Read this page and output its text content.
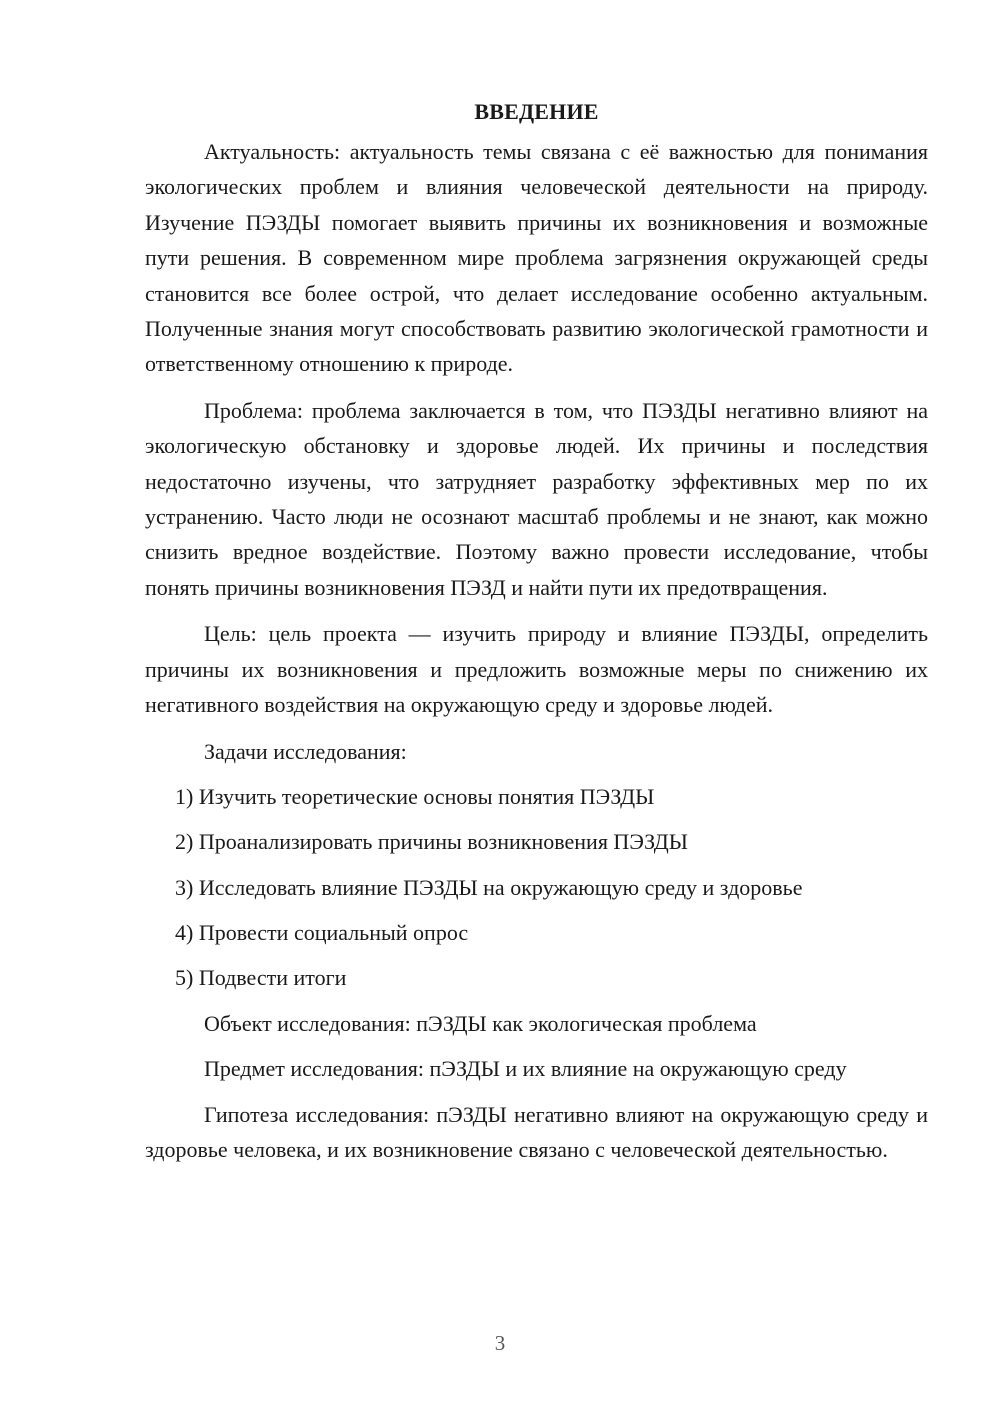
ВВЕДЕНИЕ

Актуальность: актуальность темы связана с её важностью для понимания экологических проблем и влияния человеческой деятельности на природу. Изучение ПЭЗДЫ помогает выявить причины их возникновения и возможные пути решения. В современном мире проблема загрязнения окружающей среды становится все более острой, что делает исследование особенно актуальным. Полученные знания могут способствовать развитию экологической грамотности и ответственному отношению к природе.

Проблема: проблема заключается в том, что ПЭЗДЫ негативно влияют на экологическую обстановку и здоровье людей. Их причины и последствия недостаточно изучены, что затрудняет разработку эффективных мер по их устранению. Часто люди не осознают масштаб проблемы и не знают, как можно снизить вредное воздействие. Поэтому важно провести исследование, чтобы понять причины возникновения ПЭЗД и найти пути их предотвращения.

Цель: цель проекта — изучить природу и влияние ПЭЗДЫ, определить причины их возникновения и предложить возможные меры по снижению их негативного воздействия на окружающую среду и здоровье людей.

Задачи исследования:
1) Изучить теоретические основы понятия ПЭЗДЫ
2) Проанализировать причины возникновения ПЭЗДЫ
3) Исследовать влияние ПЭЗДЫ на окружающую среду и здоровье
4) Провести социальный опрос
5) Подвести итоги
Объект исследования: пЭЗДЫ как экологическая проблема
Предмет исследования: пЭЗДЫ и их влияние на окружающую среду

Гипотеза исследования: пЭЗДЫ негативно влияют на окружающую среду и здоровье человека, и их возникновение связано с человеческой деятельностью.

3
